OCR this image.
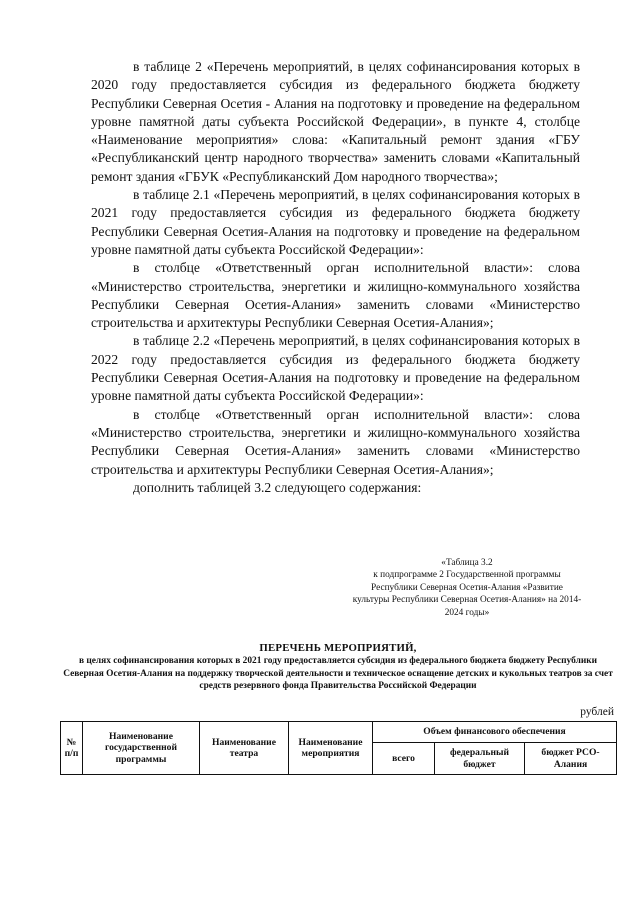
в таблице 2 «Перечень мероприятий, в целях софинансирования которых в 2020 году предоставляется субсидия из федерального бюджета бюджету Республики Северная Осетия - Алания на подготовку и проведение на федеральном уровне памятной даты субъекта Российской Федерации», в пункте 4, столбце «Наименование мероприятия» слова: «Капитальный ремонт здания «ГБУ «Республиканский центр народного творчества» заменить словами «Капитальный ремонт здания «ГБУК «Республиканский Дом народного творчества»;

в таблице 2.1 «Перечень мероприятий, в целях софинансирования которых в 2021 году предоставляется субсидия из федерального бюджета бюджету Республики Северная Осетия-Алания на подготовку и проведение на федеральном уровне памятной даты субъекта Российской Федерации»:

в столбце «Ответственный орган исполнительной власти»: слова «Министерство строительства, энергетики и жилищно-коммунального хозяйства Республики Северная Осетия-Алания» заменить словами «Министерство строительства и архитектуры Республики Северная Осетия-Алания»;

в таблице 2.2 «Перечень мероприятий, в целях софинансирования которых в 2022 году предоставляется субсидия из федерального бюджета бюджету Республики Северная Осетия-Алания на подготовку и проведение на федеральном уровне памятной даты субъекта Российской Федерации»:

в столбце «Ответственный орган исполнительной власти»: слова «Министерство строительства, энергетики и жилищно-коммунального хозяйства Республики Северная Осетия-Алания» заменить словами «Министерство строительства и архитектуры Республики Северная Осетия-Алания»;

дополнить таблицей 3.2 следующего содержания:

«Таблица 3.2
к подпрограмме 2 Государственной программы Республики Северная Осетия-Алания «Развитие культуры Республики Северная Осетия-Алания» на 2014-2024 годы»
ПЕРЕЧЕНЬ МЕРОПРИЯТИЙ,
в целях софинансирования которых в 2021 году предоставляется субсидия из федерального бюджета бюджету Республики Северная Осетия-Алания на поддержку творческой деятельности и техническое оснащение детских и кукольных театров за счет средств резервного фонда Правительства Российской Федерации
рублей
№ п/п	Наименование государственной программы	Наименование театра	Наименование мероприятия	Объем финансового обеспечения		
				всего	федеральный бюджет	бюджет РСО-Алания
